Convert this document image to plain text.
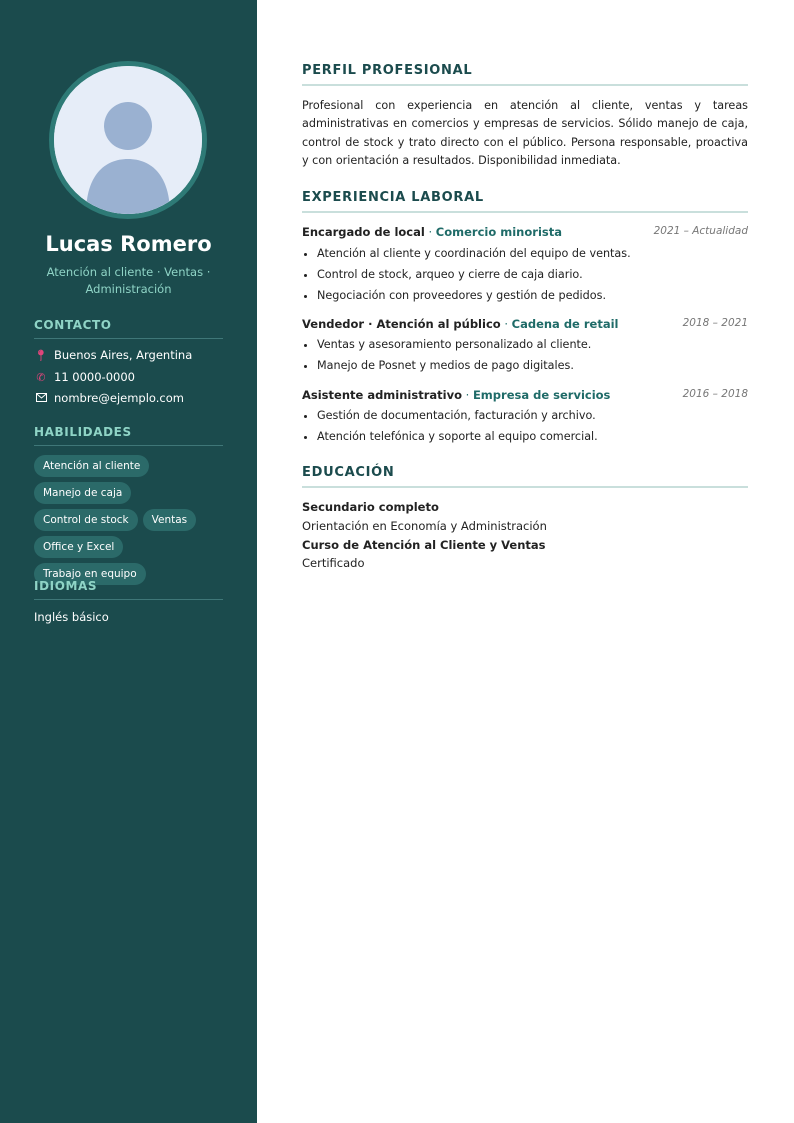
Lucas Romero
Atención al cliente · Ventas · Administración
CONTACTO
📍︎ Buenos Aires, Argentina
✆ 11 0000-0000
nombre@ejemplo.com
HABILIDADES
Atención al cliente
Manejo de caja
Control de stock	Ventas
Office y Excel
Trabajo en equipo
IDIOMAS
Inglés básico
PERFIL PROFESIONAL
Profesional con experiencia en atención al cliente, ventas y tareas administrativas en comercios y empresas de servicios. Sólido manejo de caja, control de stock y trato directo con el público. Persona responsable, proactiva y con orientación a resultados. Disponibilidad inmediata.
EXPERIENCIA LABORAL
Encargado de local · Comercio minorista	2021 – Actualidad
• Atención al cliente y coordinación del equipo de ventas.
• Control de stock, arqueo y cierre de caja diario.
• Negociación con proveedores y gestión de pedidos.
Vendedor · Atención al público · Cadena de retail	2018 – 2021
• Ventas y asesoramiento personalizado al cliente.
• Manejo de Posnet y medios de pago digitales.
Asistente administrativo · Empresa de servicios	2016 – 2018
• Gestión de documentación, facturación y archivo.
• Atención telefónica y soporte al equipo comercial.
EDUCACIÓN
Secundario completo
Orientación en Economía y Administración
Curso de Atención al Cliente y Ventas
Certificado
